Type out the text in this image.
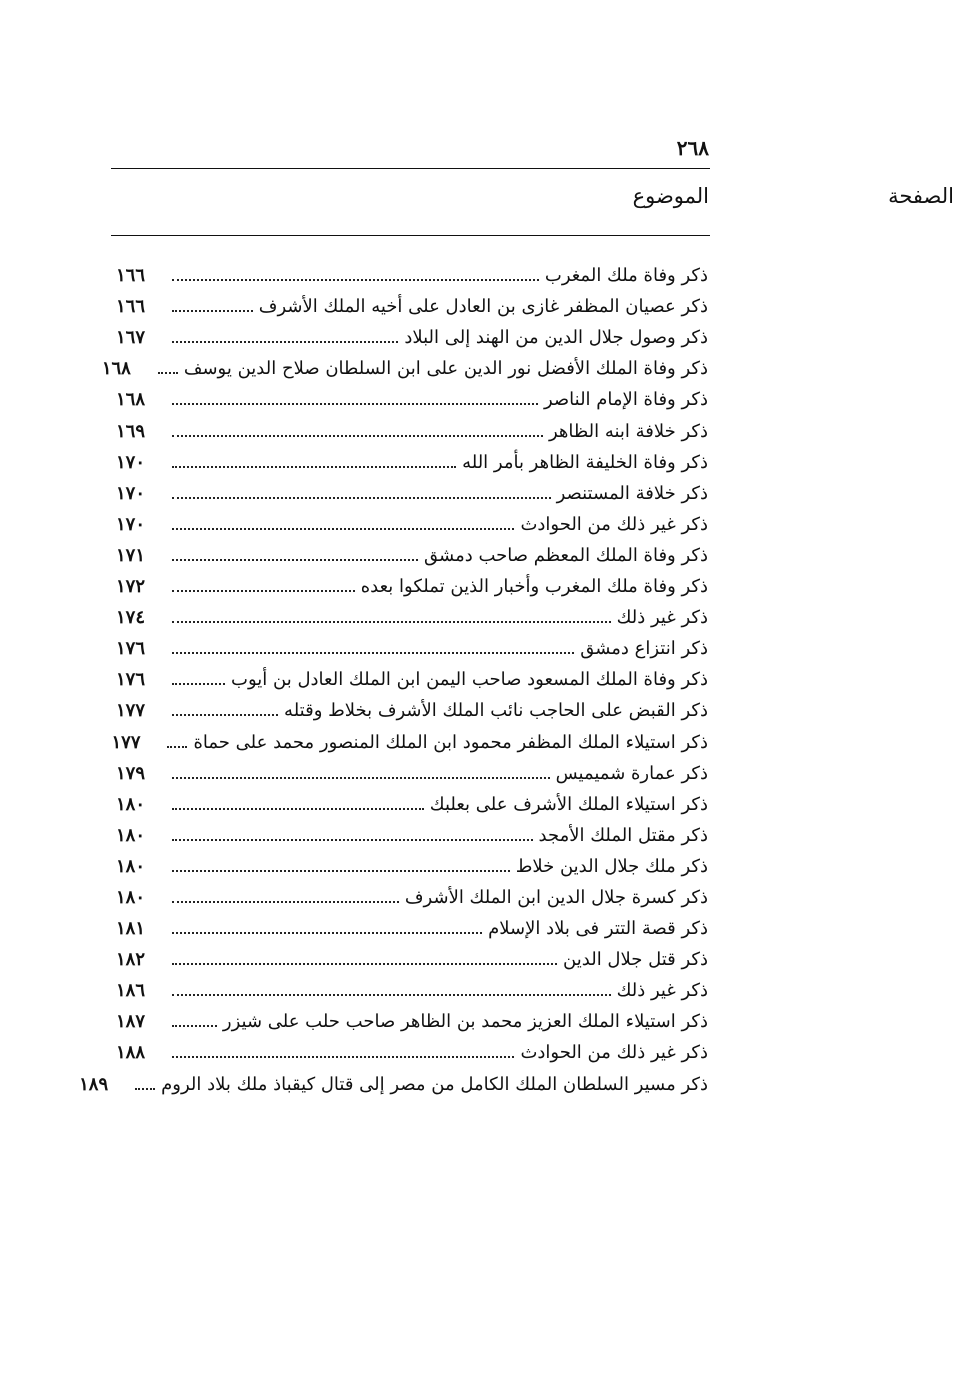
٢٦٨
الموضوع	الصفحة
ذكر وفاة ملك المغرب
١٦٦
ذكر عصيان المظفر غازى بن العادل على أخيه الملك الأشرف
١٦٦
ذكر وصول جلال الدين من الهند إلى البلاد
١٦٧
ذكر وفاة الملك الأفضل نور الدين على ابن السلطان صلاح الدين يوسف
١٦٨
ذكر وفاة الإمام الناصر
١٦٨
ذكر خلافة ابنه الظاهر
١٦٩
ذكر وفاة الخليفة الظاهر بأمر الله
١٧٠
ذكر خلافة المستنصر
١٧٠
ذكر غير ذلك من الحوادث
١٧٠
ذكر وفاة الملك المعظم صاحب دمشق
١٧١
ذكر وفاة ملك المغرب وأخبار الذين تملكوا بعده
١٧٢
ذكر غير ذلك
١٧٤
ذكر انتزاع دمشق
١٧٦
ذكر وفاة الملك المسعود صاحب اليمن ابن الملك العادل بن أيوب
١٧٦
ذكر القبض على الحاجب نائب الملك الأشرف بخلاط وقتله
١٧٧
ذكر استيلاء الملك المظفر محمود ابن الملك المنصور محمد على حماة
١٧٧
ذكر عمارة شميميس
١٧٩
ذكر استيلاء الملك الأشرف على بعلبك
١٨٠
ذكر مقتل الملك الأمجد
١٨٠
ذكر ملك جلال الدين خلاط
١٨٠
ذكر كسرة جلال الدين ابن الملك الأشرف
١٨٠
ذكر قصة التتر فى بلاد الإسلام
١٨١
ذكر قتل جلال الدين
١٨٢
ذكر غير ذلك
١٨٦
ذكر استيلاء الملك العزيز محمد بن الظاهر صاحب حلب على شيزر
١٨٧
ذكر غير ذلك من الحوادث
١٨٨
ذكر مسير السلطان الملك الكامل من مصر إلى قتال كيقباذ ملك بلاد الروم
١٨٩
